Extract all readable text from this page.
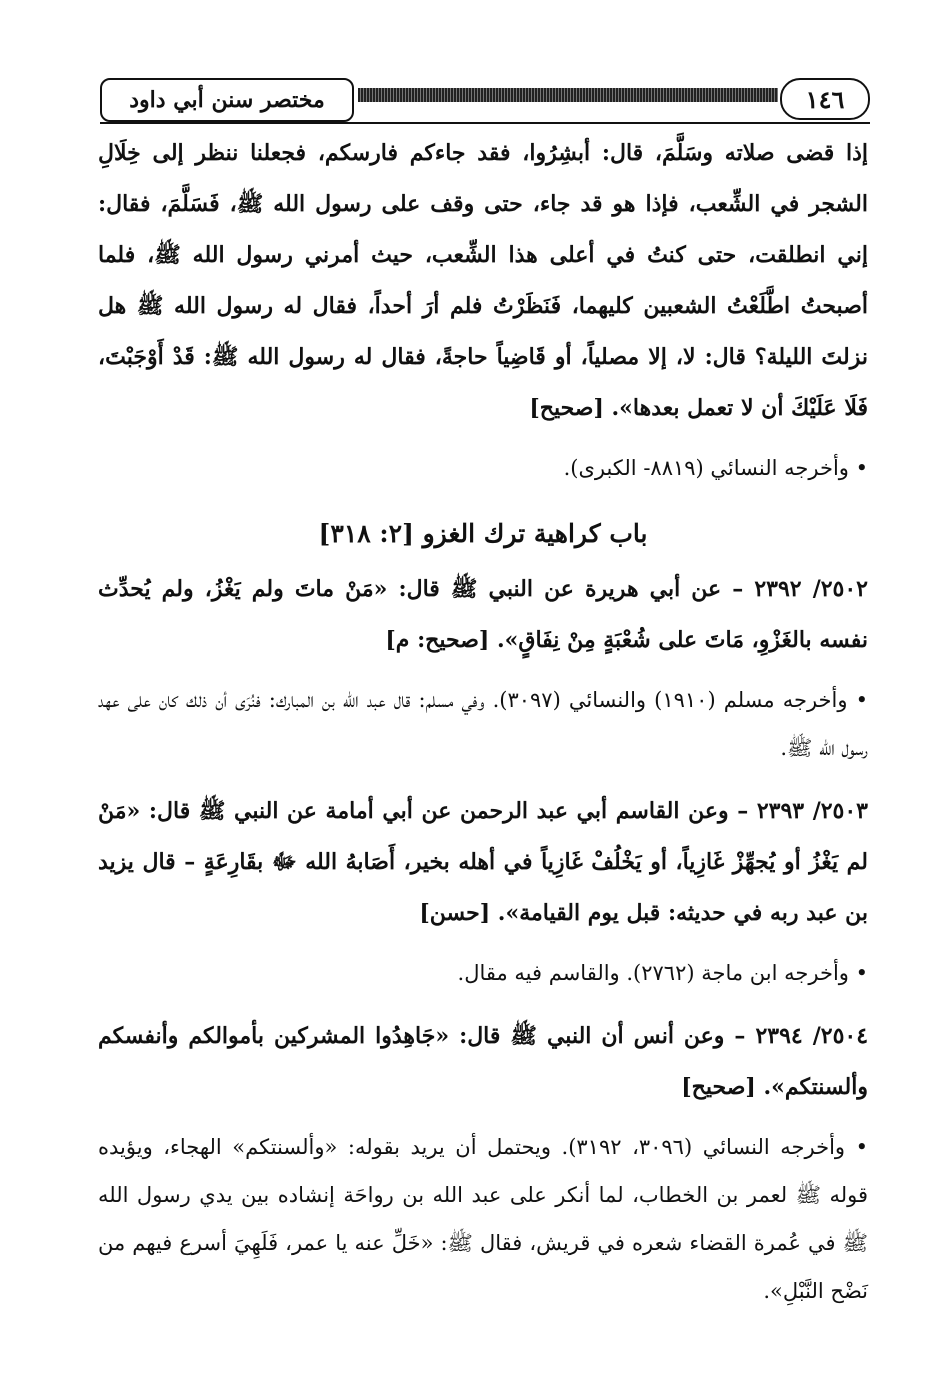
مختصر سنن أبي داود	١٤٦

إذا قضى صلاته وسَلَّمَ، قال: أبشِرُوا، فقد جاءكم فارسكم، فجعلنا ننظر إلى خِلَالِ الشجر في الشِّعب، فإذا هو قد جاء، حتى وقف على رسول الله ﷺ، فَسَلَّمَ، فقال: إني انطلقت، حتى كنتُ في أعلى هذا الشِّعب، حيث أمرني رسول الله ﷺ، فلما أصبحتُ اطَّلَعْتُ الشعبين كليهما، فَنَظَرْتُ فلم أرَ أحداً، فقال له رسول الله ﷺ هل نزلتَ الليلة؟ قال: لا، إلا مصلياً، أو قَاضِياً حاجةً، فقال له رسول الله ﷺ: قَدْ أَوْجَبْتَ، فَلَا عَلَيْكَ أن لا تعمل بعدها». [صحيح]

• وأخرجه النسائي (٨٨١٩- الكبرى).

باب كراهية ترك الغزو [٢: ٣١٨]

٢٥٠٢/ ٢٣٩٢ – عن أبي هريرة عن النبي ﷺ قال: «مَنْ ماتَ ولم يَغْزُ، ولم يُحدِّث نفسه بالغَزْوِ، مَاتَ على شُعْبَةٍ مِنْ نِفَاقٍ». [صحيح: م]

• وأخرجه مسلم (١٩١٠) والنسائي (٣٠٩٧). وفي مسلم: قال عبد الله بن المبارك: فنُرَى أن ذلك كان على عهد رسول الله ﷺ.

٢٥٠٣/ ٢٣٩٣ – وعن القاسم أبي عبد الرحمن عن أبي أمامة عن النبي ﷺ قال: «مَنْ لم يَغْزُ أو يُجهِّزْ غَازِياً، أو يَخْلُفْ غَازِياً في أهله بخير، أَصَابهُ الله ﷻ بقَارِعَةٍ – قال يزيد بن عبد ربه في حديثه: قبل يوم القيامة». [حسن]

• وأخرجه ابن ماجة (٢٧٦٢). والقاسم فيه مقال.

٢٥٠٤/ ٢٣٩٤ – وعن أنس أن النبي ﷺ قال: «جَاهِدُوا المشركين بأموالكم وأنفسكم وألسنتكم». [صحيح]

• وأخرجه النسائي (٣٠٩٦، ٣١٩٢). ويحتمل أن يريد بقوله: «وألسنتكم» الهجاء، ويؤيده قوله ﷺ لعمر بن الخطاب، لما أنكر على عبد الله بن رواحَة إنشاده بين يدي رسول الله ﷺ في عُمرة القضاء شعره في قريش، فقال ﷺ: «خَلِّ عنه يا عمر، فَلَهِيَ أسرع فيهم من نَضْح النَّبْلِ».
